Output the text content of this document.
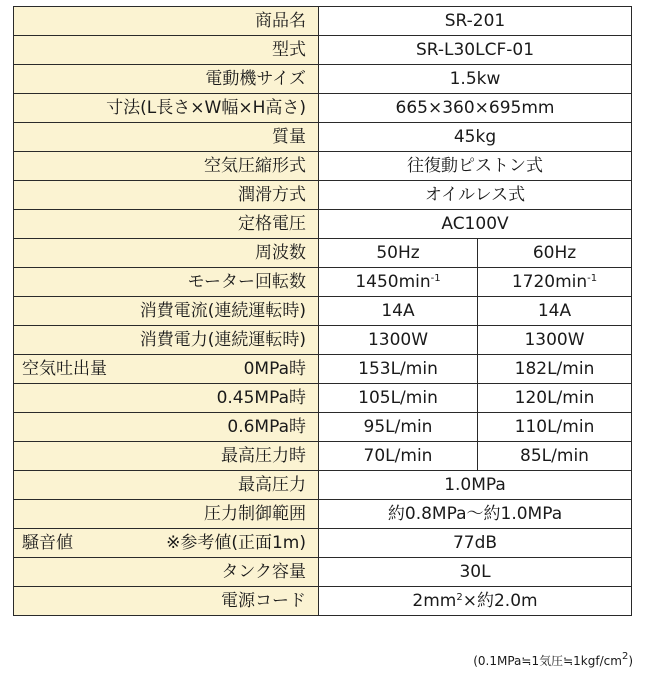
商品名	SR-201	
型式	SR-L30LCF-01	
電動機サイズ	1.5kw	
寸法(L長さ×W幅×H高さ)	665×360×695mm	
質量	45kg	
空気圧縮形式	往復動ピストン式	
潤滑方式	オイルレス式	
定格電圧	AC100V	
周波数	50Hz	60Hz
モーター回転数	$1450\min^{-1}$	$1720\min^{-1}$
消費電流(連続運転時)	14A	14A
消費電力(連続運転時)	1300W	1300W

空気吐出量 0MPa時	153L/min	182L/min
0.45MPa時	105L/min	120L/min
0.6MPa時	95L/min	110L/min
最高圧力時	70L/min	85L/min
最高圧力	1.0MPa	
圧力制御範囲	約0.8MPa〜約1.0MPa	

騒音値 ※参考値(正面1m)	77dB	
タンク容量	30L	
電源コード	$2mm^2\times$約2.0m	
(0.1MPa≒1気圧$≒1kgf/cm^2$)
